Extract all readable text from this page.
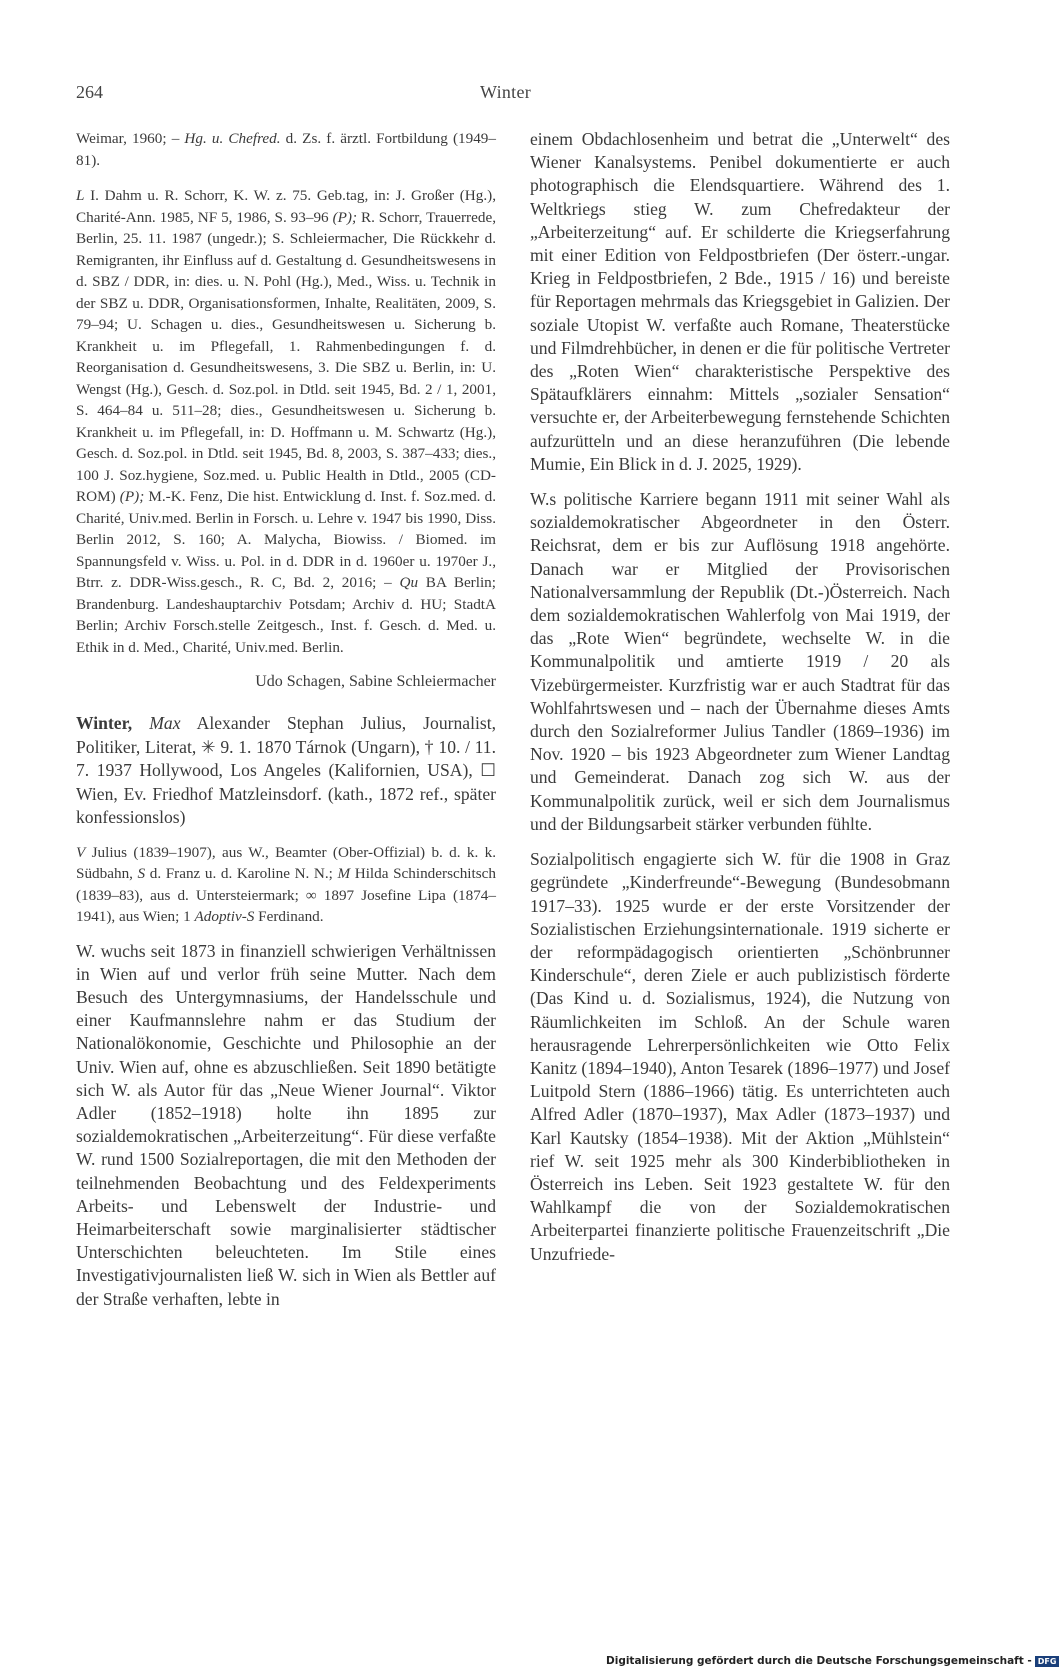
264	Winter

Weimar, 1960; – Hg. u. Chefred. d. Zs. f. ärztl. Fortbildung (1949–81).

L I. Dahm u. R. Schorr, K. W. z. 75. Geb.tag, in: J. Großer (Hg.), Charité-Ann. 1985, NF 5, 1986, S. 93–96 (P); R. Schorr, Trauerrede, Berlin, 25. 11. 1987 (ungedr.); S. Schleiermacher, Die Rückkehr d. Remigranten, ihr Einfluss auf d. Gestaltung d. Gesundheitswesens in d. SBZ / DDR, in: dies. u. N. Pohl (Hg.), Med., Wiss. u. Technik in der SBZ u. DDR, Organisationsformen, Inhalte, Realitäten, 2009, S. 79–94; U. Schagen u. dies., Gesundheitswesen u. Sicherung b. Krankheit u. im Pflegefall, 1. Rahmenbedingungen f. d. Reorganisation d. Gesundheitswesens, 3. Die SBZ u. Berlin, in: U. Wengst (Hg.), Gesch. d. Soz.pol. in Dtld. seit 1945, Bd. 2 / 1, 2001, S. 464–84 u. 511–28; dies., Gesundheitswesen u. Sicherung b. Krankheit u. im Pflegefall, in: D. Hoffmann u. M. Schwartz (Hg.), Gesch. d. Soz.pol. in Dtld. seit 1945, Bd. 8, 2003, S. 387–433; dies., 100 J. Soz.hygiene, Soz.med. u. Public Health in Dtld., 2005 (CD-ROM) (P); M.-K. Fenz, Die hist. Entwicklung d. Inst. f. Soz.med. d. Charité, Univ.med. Berlin in Forsch. u. Lehre v. 1947 bis 1990, Diss. Berlin 2012, S. 160; A. Malycha, Biowiss. / Biomed. im Spannungsfeld v. Wiss. u. Pol. in d. DDR in d. 1960er u. 1970er J., Btrr. z. DDR-Wiss.gesch., R. C, Bd. 2, 2016; – Qu BA Berlin; Brandenburg. Landeshauptarchiv Potsdam; Archiv d. HU; StadtA Berlin; Archiv Forsch.stelle Zeitgesch., Inst. f. Gesch. d. Med. u. Ethik in d. Med., Charité, Univ.med. Berlin.

Udo Schagen, Sabine Schleiermacher

Winter, Max Alexander Stephan Julius, Journalist, Politiker, Literat, ✳ 9. 1. 1870 Tárnok (Ungarn), † 10. / 11. 7. 1937 Hollywood, Los Angeles (Kalifornien, USA), ☐ Wien, Ev. Friedhof Matzleinsdorf. (kath., 1872 ref., später konfessionslos)

V Julius (1839–1907), aus W., Beamter (Ober-Offizial) b. d. k. k. Südbahn, S d. Franz u. d. Karoline N. N.; M Hilda Schinderschitsch (1839–83), aus d. Untersteiermark; ∞ 1897 Josefine Lipa (1874–1941), aus Wien; 1 Adoptiv-S Ferdinand.

W. wuchs seit 1873 in finanziell schwierigen Verhältnissen in Wien auf und verlor früh seine Mutter. Nach dem Besuch des Untergymnasiums, der Handelsschule und einer Kaufmannslehre nahm er das Studium der Nationalökonomie, Geschichte und Philosophie an der Univ. Wien auf, ohne es abzuschließen. Seit 1890 betätigte sich W. als Autor für das „Neue Wiener Journal“. Viktor Adler (1852–1918) holte ihn 1895 zur sozialdemokratischen „Arbeiterzeitung“. Für diese verfaßte W. rund 1500 Sozialreportagen, die mit den Methoden der teilnehmenden Beobachtung und des Feldexperiments Arbeits- und Lebenswelt der Industrie- und Heimarbeiterschaft sowie marginalisierter städtischer Unterschichten beleuchteten. Im Stile eines Investigativjournalisten ließ W. sich in Wien als Bettler auf der Straße verhaften, lebte in

einem Obdachlosenheim und betrat die „Unterwelt“ des Wiener Kanalsystems. Penibel dokumentierte er auch photographisch die Elendsquartiere. Während des 1. Weltkriegs stieg W. zum Chefredakteur der „Arbeiterzeitung“ auf. Er schilderte die Kriegserfahrung mit einer Edition von Feldpostbriefen (Der österr.-ungar. Krieg in Feldpostbriefen, 2 Bde., 1915 / 16) und bereiste für Reportagen mehrmals das Kriegsgebiet in Galizien. Der soziale Utopist W. verfaßte auch Romane, Theaterstücke und Filmdrehbücher, in denen er die für politische Vertreter des „Roten Wien“ charakteristische Perspektive des Spätaufklärers einnahm: Mittels „sozialer Sensation“ versuchte er, der Arbeiterbewegung fernstehende Schichten aufzurütteln und an diese heranzuführen (Die lebende Mumie, Ein Blick in d. J. 2025, 1929).

W.s politische Karriere begann 1911 mit seiner Wahl als sozialdemokratischer Abgeordneter in den Österr. Reichsrat, dem er bis zur Auflösung 1918 angehörte. Danach war er Mitglied der Provisorischen Nationalversammlung der Republik (Dt.-)Österreich. Nach dem sozialdemokratischen Wahlerfolg von Mai 1919, der das „Rote Wien“ begründete, wechselte W. in die Kommunalpolitik und amtierte 1919 / 20 als Vizebürgermeister. Kurzfristig war er auch Stadtrat für das Wohlfahrtswesen und – nach der Übernahme dieses Amts durch den Sozialreformer Julius Tandler (1869–1936) im Nov. 1920 – bis 1923 Abgeordneter zum Wiener Landtag und Gemeinderat. Danach zog sich W. aus der Kommunalpolitik zurück, weil er sich dem Journalismus und der Bildungsarbeit stärker verbunden fühlte.

Sozialpolitisch engagierte sich W. für die 1908 in Graz gegründete „Kinderfreunde“-Bewegung (Bundesobmann 1917–33). 1925 wurde er der erste Vorsitzender der Sozialistischen Erziehungsinternationale. 1919 sicherte er der reformpädagogisch orientierten „Schönbrunner Kinderschule“, deren Ziele er auch publizistisch förderte (Das Kind u. d. Sozialismus, 1924), die Nutzung von Räumlichkeiten im Schloß. An der Schule waren herausragende Lehrerpersönlichkeiten wie Otto Felix Kanitz (1894–1940), Anton Tesarek (1896–1977) und Josef Luitpold Stern (1886–1966) tätig. Es unterrichteten auch Alfred Adler (1870–1937), Max Adler (1873–1937) und Karl Kautsky (1854–1938). Mit der Aktion „Mühlstein“ rief W. seit 1925 mehr als 300 Kinderbibliotheken in Österreich ins Leben. Seit 1923 gestaltete W. für den Wahlkampf die von der Sozialdemokratischen Arbeiterpartei finanzierte politische Frauenzeitschrift „Die Unzufriede-

Digitalisierung gefördert durch die Deutsche Forschungsgemeinschaft - DFG
